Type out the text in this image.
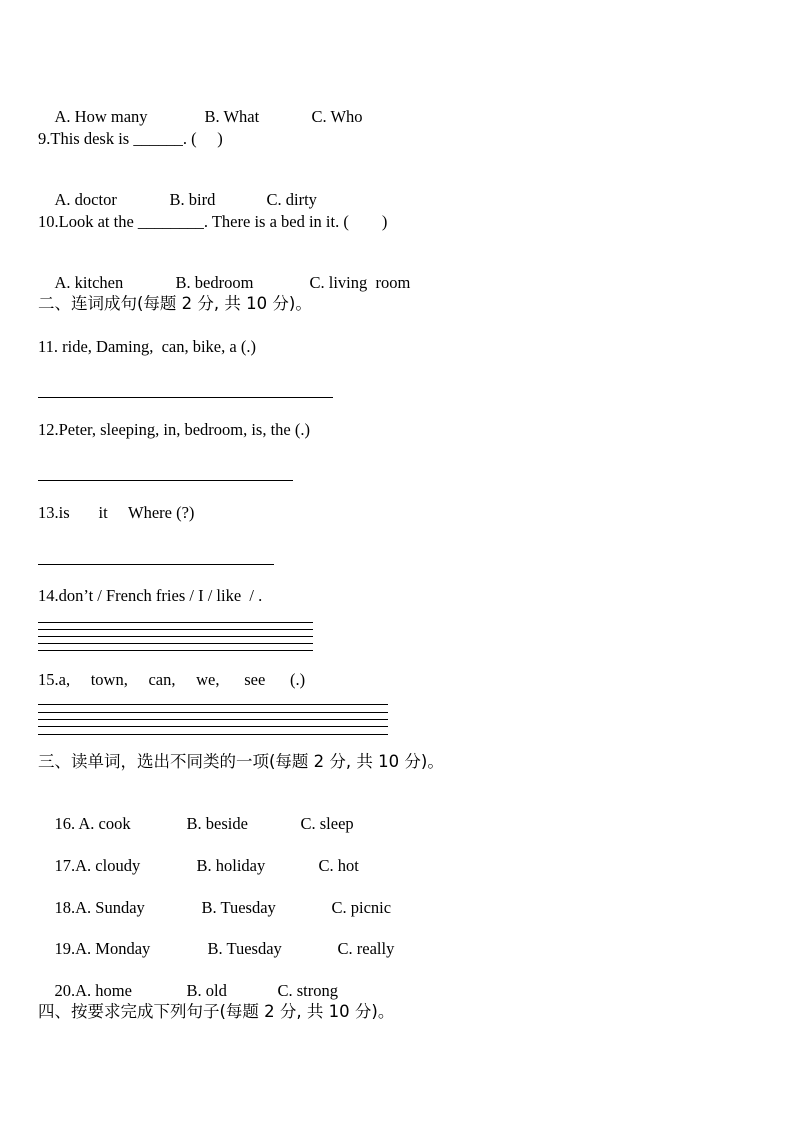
A. How many	B. What	C. Who

9.This desk is ______. (     )

A. doctor	B. bird	C. dirty

10.Look at the ________. There is a bed in it. (        )

A. kitchen	B. bedroom	C. living  room

二、连词成句(每题 2 分, 共 10 分)。
11. ride, Daming,  can, bike, a (.)
12.Peter, sleeping, in, bedroom, is, the (.)
13.is       it     Where (?)
14.don’t / French fries / I / like  / .
15.a,     town,     can,     we,      see      (.)
三、读单词，选出不同类的一项(每题 2 分, 共 10 分)。

16. A. cook	B. beside	C. sleep

17.A. cloudy	B. holiday	C. hot

18.A. Sunday	B. Tuesday	C. picnic

19.A. Monday	B. Tuesday	C. really

20.A. home	B. old	C. strong

四、按要求完成下列句子(每题 2 分, 共 10 分)。
